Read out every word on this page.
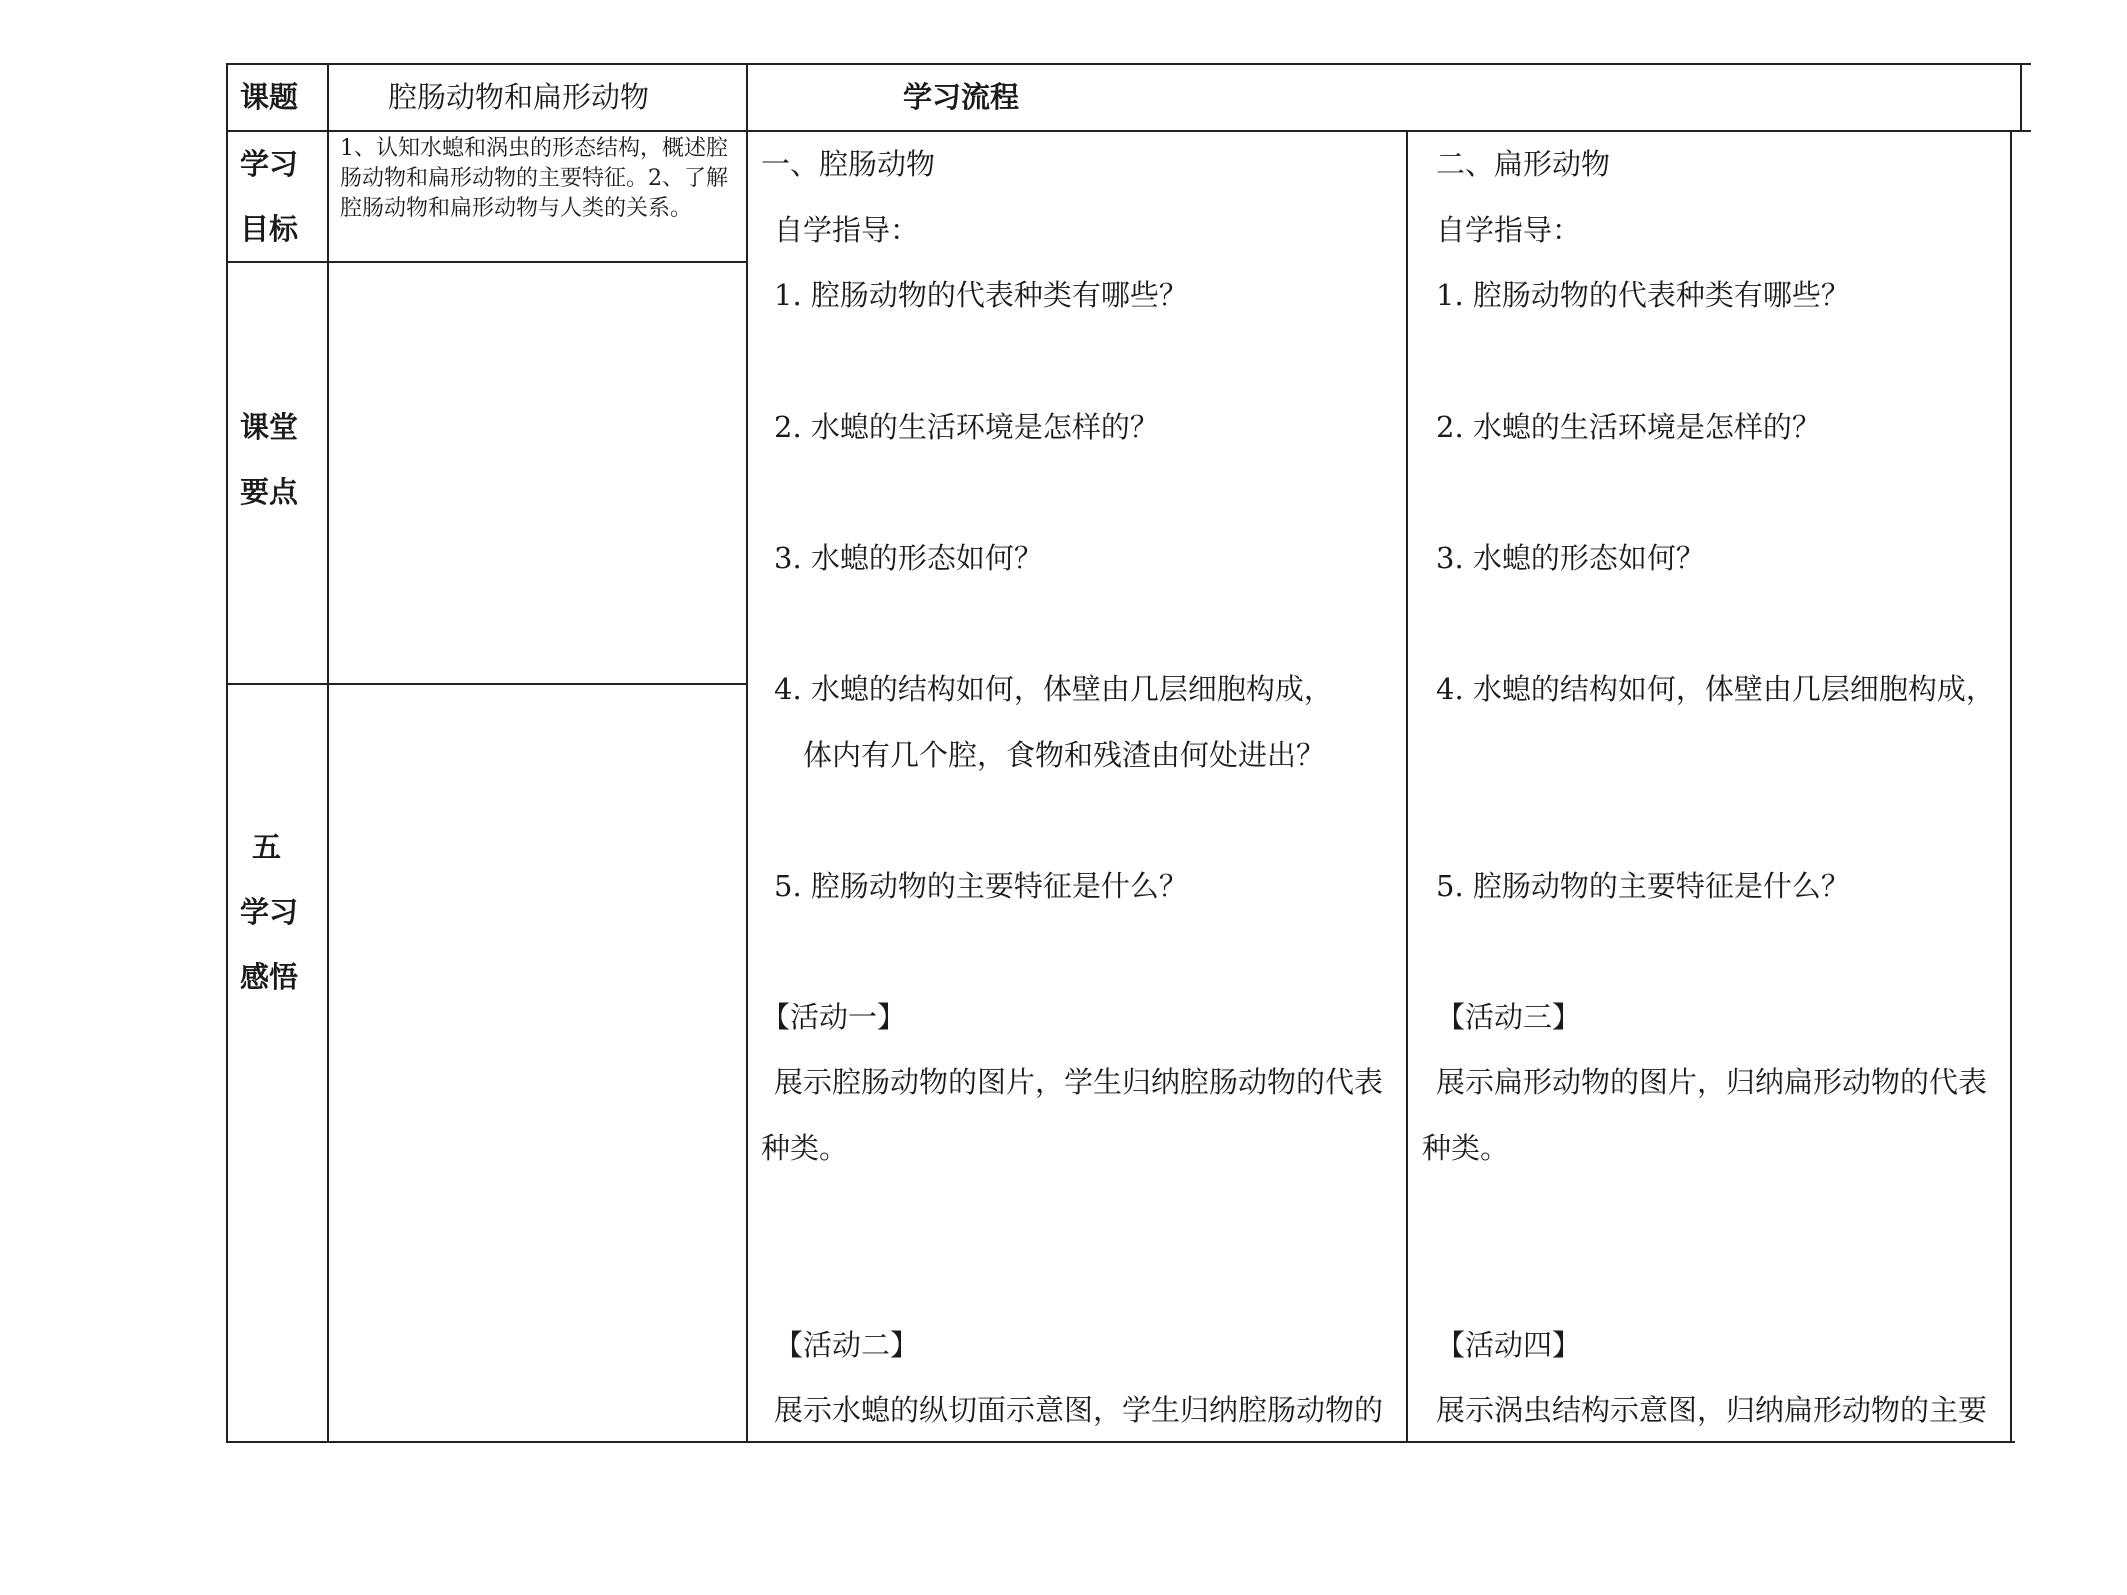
课题	腔肠动物和扁形动物	学习流程
学习
目标
1、认知水螅和涡虫的形态结构，概述腔肠动物和扁形动物的主要特征。2、了解腔肠动物和扁形动物与人类的关系。
课堂
要点
五
学习
感悟
一、腔肠动物
自学指导：
1. 腔肠动物的代表种类有哪些？
2. 水螅的生活环境是怎样的？
3. 水螅的形态如何？
4. 水螅的结构如何，体壁由几层细胞构成，
体内有几个腔，食物和残渣由何处进出？
5. 腔肠动物的主要特征是什么？
【活动一】
展示腔肠动物的图片，学生归纳腔肠动物的代表
种类。
【活动二】
展示水螅的纵切面示意图，学生归纳腔肠动物的
二、扁形动物
自学指导：
1. 腔肠动物的代表种类有哪些？
2. 水螅的生活环境是怎样的？
3. 水螅的形态如何？
4. 水螅的结构如何，体壁由几层细胞构成，
5. 腔肠动物的主要特征是什么？
【活动三】
展示扁形动物的图片，归纳扁形动物的代表
种类。
【活动四】
展示涡虫结构示意图，归纳扁形动物的主要
